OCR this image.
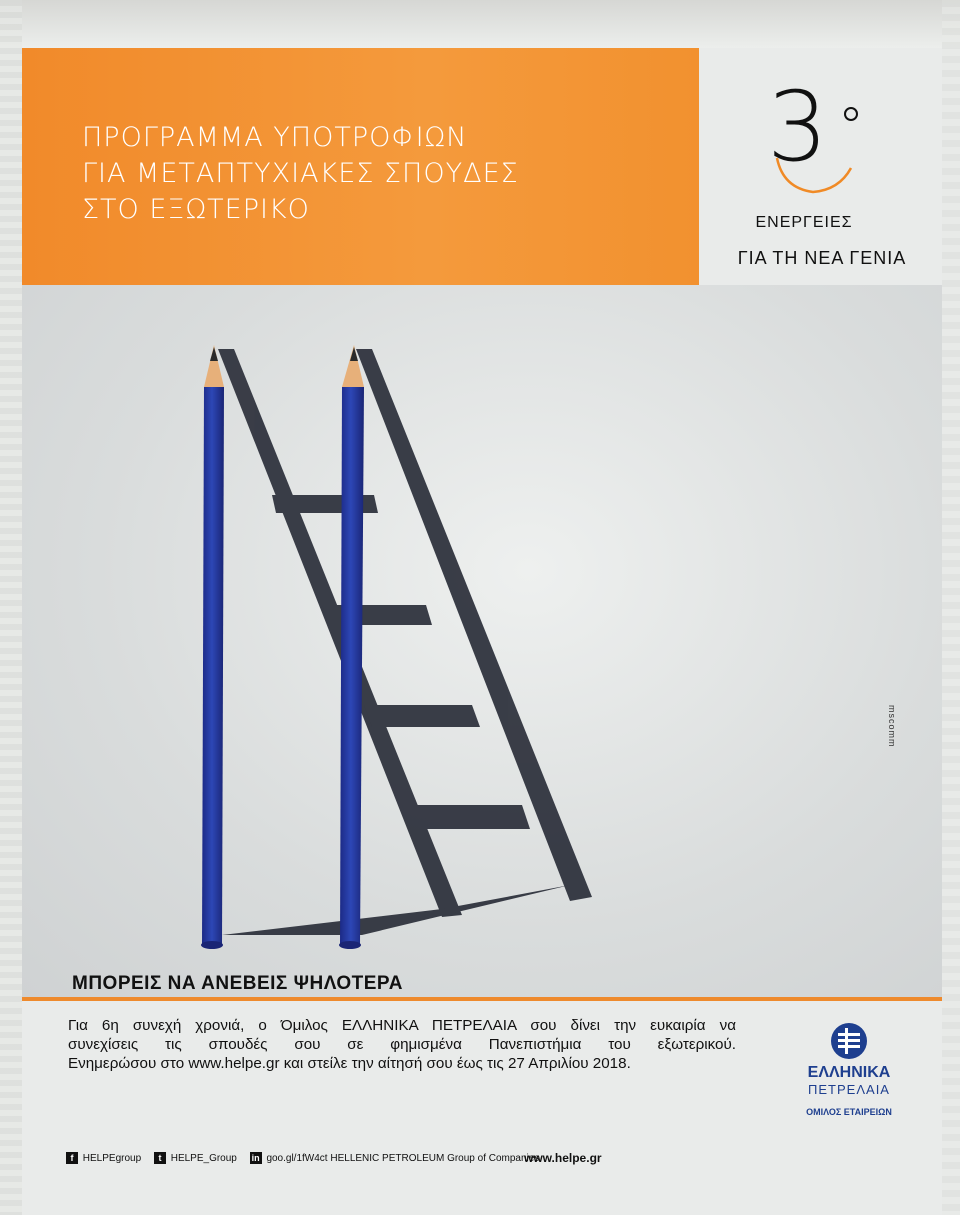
ΠΡΟΓΡΑΜΜΑ ΥΠΟΤΡΟΦΙΩΝ
ΓΙΑ ΜΕΤΑΠΤΥΧΙΑΚΕΣ ΣΠΟΥΔΕΣ
ΣΤΟ ΕΞΩΤΕΡΙΚΟ
3
ΕΝΕΡΓΕΙΕΣ
ΓΙΑ ΤΗ ΝΕΑ ΓΕΝΙΑ
mscomm
ΜΠΟΡΕΙΣ ΝΑ ΑΝΕΒΕΙΣ ΨΗΛΟΤΕΡΑ

Για 6η συνεχή χρονιά, ο Όμιλος ΕΛΛΗΝΙΚΑ ΠΕΤΡΕΛΑΙΑ σου δίνει την ευκαιρία να

συνεχίσεις τις σπουδές σου σε φημισμένα Πανεπιστήμια του εξωτερικού.

Ενημερώσου στο www.helpe.gr και στείλε την αίτησή σου έως τις 27 Απριλίου 2018.

ΕΛΛΗΝΙΚΑ
ΠΕΤΡΕΛΑΙΑ
ΟΜΙΛΟΣ ΕΤΑΙΡΕΙΩΝ
f HELPEgroup t HELPE_Group in goo.gl/1fW4ct HELLENIC PETROLEUM Group of Companies
www.helpe.gr
